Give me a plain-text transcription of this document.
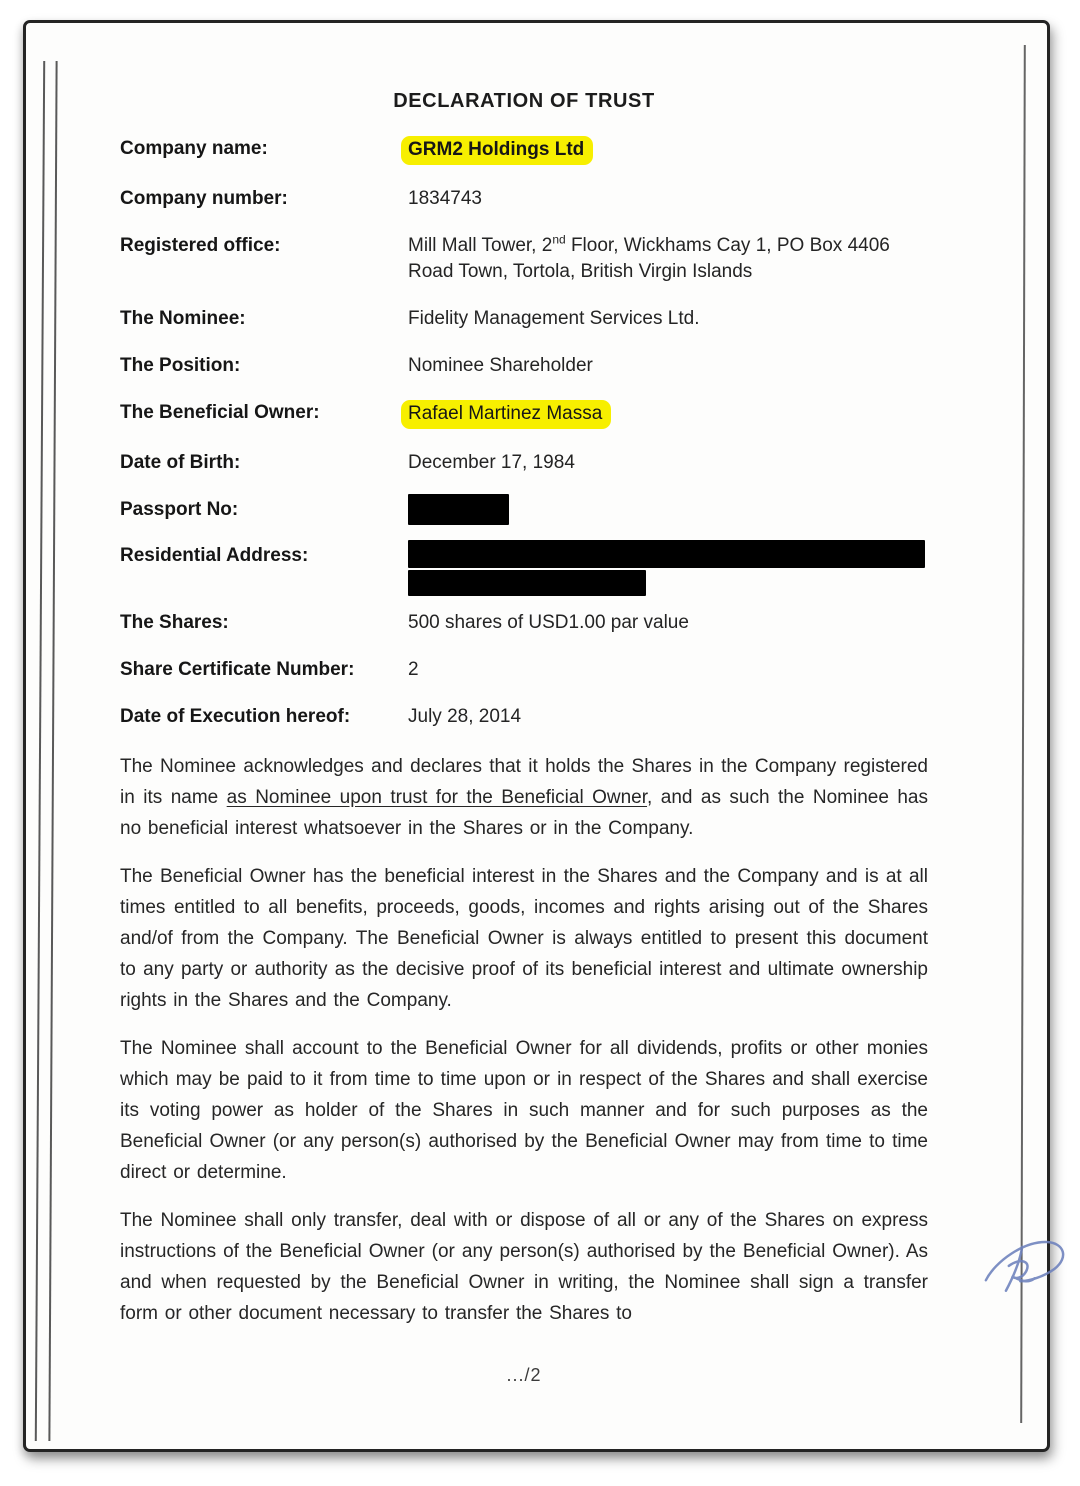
DECLARATION OF TRUST
Company name:	GRM2 Holdings Ltd
Company number:	1834743
Registered office:	Mill Mall Tower, 2nd Floor, Wickhams Cay 1, PO Box 4406
Road Town, Tortola, British Virgin Islands
The Nominee:	Fidelity Management Services Ltd.
The Position:	Nominee Shareholder
The Beneficial Owner:	Rafael Martinez Massa
Date of Birth:	December 17, 1984
Passport No:
Residential Address:
The Shares:	500 shares of USD1.00 par value
Share Certificate Number:	2
Date of Execution hereof:	July 28, 2014

The Nominee acknowledges and declares that it holds the Shares in the Company registered in its name as Nominee upon trust for the Beneficial Owner, and as such the Nominee has no beneficial interest whatsoever in the Shares or in the Company.

The Beneficial Owner has the beneficial interest in the Shares and the Company and is at all times entitled to all benefits, proceeds, goods, incomes and rights arising out of the Shares and/of from the Company. The Beneficial Owner is always entitled to present this document to any party or authority as the decisive proof of its beneficial interest and ultimate ownership rights in the Shares and the Company.

The Nominee shall account to the Beneficial Owner for all dividends, profits or other monies which may be paid to it from time to time upon or in respect of the Shares and shall exercise its voting power as holder of the Shares in such manner and for such purposes as the Beneficial Owner (or any person(s) authorised by the Beneficial Owner may from time to time direct or determine.

The Nominee shall only transfer, deal with or dispose of all or any of the Shares on express instructions of the Beneficial Owner (or any person(s) authorised by the Beneficial Owner). As and when requested by the Beneficial Owner in writing, the Nominee shall sign a transfer form or other document necessary to transfer the Shares to

.../2
